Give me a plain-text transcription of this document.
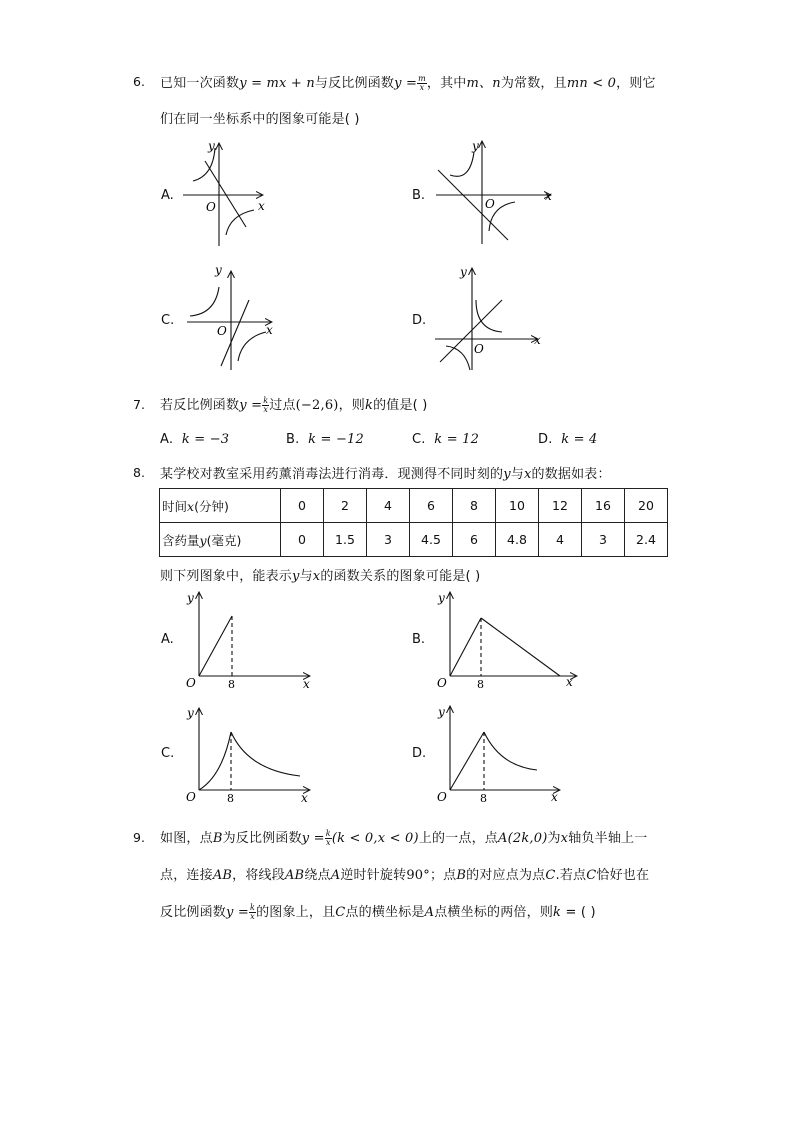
6. 已知一次函数y = mx + n与反比例函数$y = \frac{m}{x}$ ，其中m、n为常数，且mn < 0，则它
们在同一坐标系中的图象可能是( )
A.	B.
C.	D.
O	x
y
O
x
y
O	x
y
O
x
y
7. 若反比例函数$y = \frac{k}{x}$ 过点(−2,6)，则k的值是( )
A. k = −3	B. k = −12	C. k = 12	D. k = 4
8. 某学校对教室采用药薰消毒法进行消毒．现测得不同时刻的y与x的数据如表：
时间x(分钟)	0	2	4	6	8	10	12	16	20
含药量y(毫克)	0	1.5	3	4.5	6	4.8	4	3	2.4
则下列图象中，能表示y与x的函数关系的图象可能是( )
A.	B.
C.	D.
O	8	x
y
O	8	x
y
O	8	x
y
O	8	x
y
9. 如图，点B为反比例函数$y = \frac{k}{x} (k < 0,x < 0)$上的一点，点A(2k,0)为x轴负半轴上一
点，连接AB，将线段AB绕点A逆时针旋转90°；点B的对应点为点C.若点C恰好也在
反比例函数$y = \frac{k}{x}$ 的图象上，且C点的横坐标是A点横坐标的两倍，则k = ( )
